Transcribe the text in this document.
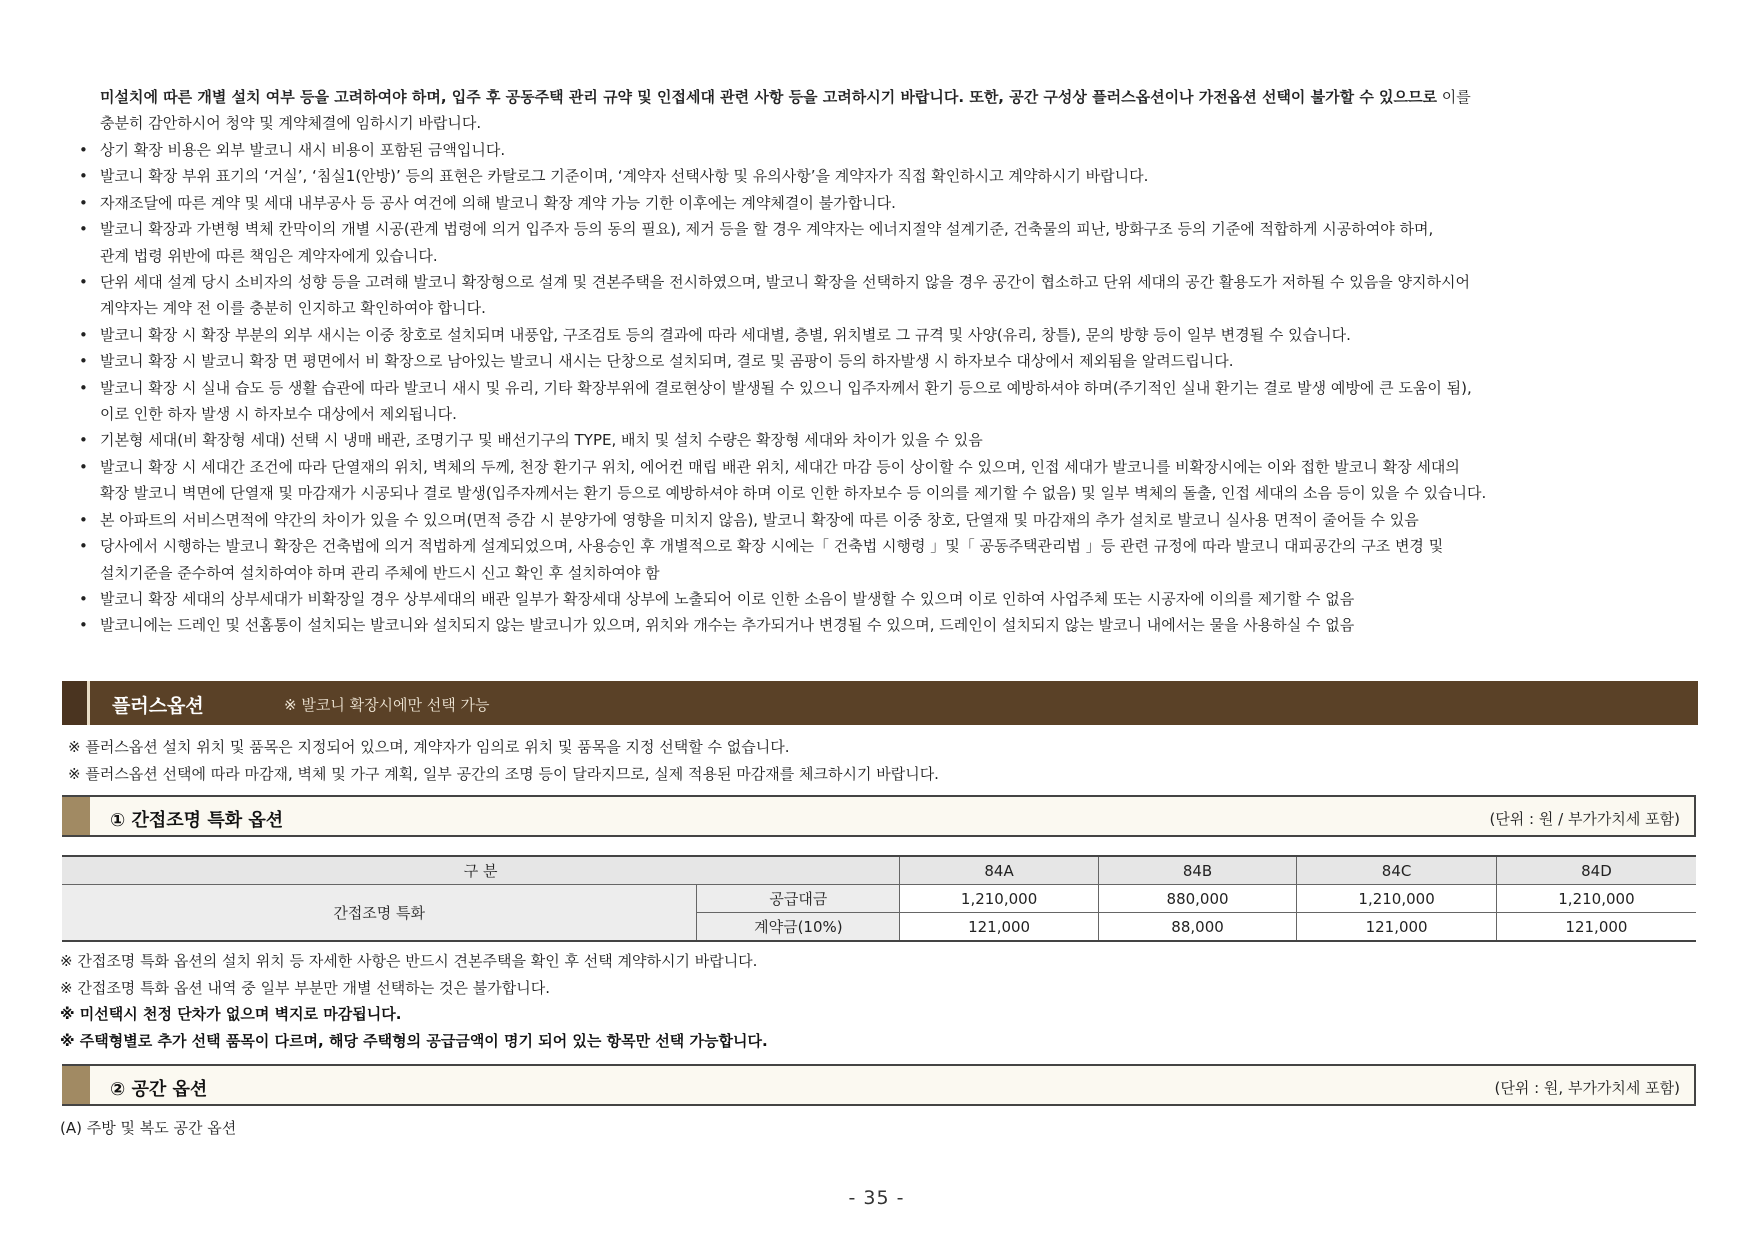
미설치에 따른 개별 설치 여부 등을 고려하여야 하며, 입주 후 공동주택 관리 규약 및 인접세대 관련 사항 등을 고려하시기 바랍니다. 또한, 공간 구성상 플러스옵션이나 가전옵션 선택이 불가할 수 있으므로 이를

충분히 감안하시어 청약 및 계약체결에 임하시기 바랍니다.

• 상기 확장 비용은 외부 발코니 새시 비용이 포함된 금액입니다.
• 발코니 확장 부위 표기의 ‘거실’, ‘침실1(안방)’ 등의 표현은 카탈로그 기준이며, ‘계약자 선택사항 및 유의사항’을 계약자가 직접 확인하시고 계약하시기 바랍니다.
• 자재조달에 따른 계약 및 세대 내부공사 등 공사 여건에 의해 발코니 확장 계약 가능 기한 이후에는 계약체결이 불가합니다.
• 발코니 확장과 가변형 벽체 칸막이의 개별 시공(관계 법령에 의거 입주자 등의 동의 필요), 제거 등을 할 경우 계약자는 에너지절약 설계기준, 건축물의 피난, 방화구조 등의 기준에 적합하게 시공하여야 하며,
관계 법령 위반에 따른 책임은 계약자에게 있습니다.
• 단위 세대 설계 당시 소비자의 성향 등을 고려해 발코니 확장형으로 설계 및 견본주택을 전시하였으며, 발코니 확장을 선택하지 않을 경우 공간이 협소하고 단위 세대의 공간 활용도가 저하될 수 있음을 양지하시어
계약자는 계약 전 이를 충분히 인지하고 확인하여야 합니다.
• 발코니 확장 시 확장 부분의 외부 새시는 이중 창호로 설치되며 내풍압, 구조검토 등의 결과에 따라 세대별, 층별, 위치별로 그 규격 및 사양(유리, 창틀), 문의 방향 등이 일부 변경될 수 있습니다.
• 발코니 확장 시 발코니 확장 면 평면에서 비 확장으로 남아있는 발코니 새시는 단창으로 설치되며, 결로 및 곰팡이 등의 하자발생 시 하자보수 대상에서 제외됨을 알려드립니다.
• 발코니 확장 시 실내 습도 등 생활 습관에 따라 발코니 새시 및 유리, 기타 확장부위에 결로현상이 발생될 수 있으니 입주자께서 환기 등으로 예방하셔야 하며(주기적인 실내 환기는 결로 발생 예방에 큰 도움이 됨),
이로 인한 하자 발생 시 하자보수 대상에서 제외됩니다.
• 기본형 세대(비 확장형 세대) 선택 시 냉매 배관, 조명기구 및 배선기구의 TYPE, 배치 및 설치 수량은 확장형 세대와 차이가 있을 수 있음
• 발코니 확장 시 세대간 조건에 따라 단열재의 위치, 벽체의 두께, 천장 환기구 위치, 에어컨 매립 배관 위치, 세대간 마감 등이 상이할 수 있으며, 인접 세대가 발코니를 비확장시에는 이와 접한 발코니 확장 세대의
확장 발코니 벽면에 단열재 및 마감재가 시공되나 결로 발생(입주자께서는 환기 등으로 예방하셔야 하며 이로 인한 하자보수 등 이의를 제기할 수 없음) 및 일부 벽체의 돌출, 인접 세대의 소음 등이 있을 수 있습니다.
• 본 아파트의 서비스면적에 약간의 차이가 있을 수 있으며(면적 증감 시 분양가에 영향을 미치지 않음), 발코니 확장에 따른 이중 창호, 단열재 및 마감재의 추가 설치로 발코니 실사용 면적이 줄어들 수 있음
• 당사에서 시행하는 발코니 확장은 건축법에 의거 적법하게 설계되었으며, 사용승인 후 개별적으로 확장 시에는「 건축법 시행령 」및「 공동주택관리법 」등 관련 규정에 따라 발코니 대피공간의 구조 변경 및
설치기준을 준수하여 설치하여야 하며 관리 주체에 반드시 신고 확인 후 설치하여야 함
• 발코니 확장 세대의 상부세대가 비확장일 경우 상부세대의 배관 일부가 확장세대 상부에 노출되어 이로 인한 소음이 발생할 수 있으며 이로 인하여 사업주체 또는 시공자에 이의를 제기할 수 없음
• 발코니에는 드레인 및 선홈통이 설치되는 발코니와 설치되지 않는 발코니가 있으며, 위치와 개수는 추가되거나 변경될 수 있으며, 드레인이 설치되지 않는 발코니 내에서는 물을 사용하실 수 없음
플러스옵션	※ 발코니 확장시에만 선택 가능

※ 플러스옵션 설치 위치 및 품목은 지정되어 있으며, 계약자가 임의로 위치 및 품목을 지정 선택할 수 없습니다.

※ 플러스옵션 선택에 따라 마감재, 벽체 및 가구 계획, 일부 공간의 조명 등이 달라지므로, 실제 적용된 마감재를 체크하시기 바랍니다.

① 간접조명 특화 옵션	(단위 : 원 / 부가가치세 포함)
구 분		84A	84B	84C	84D
간접조명 특화	공급대금	1,210,000	880,000	1,210,000	1,210,000
	계약금(10%)	121,000	88,000	121,000	121,000

※ 간접조명 특화 옵션의 설치 위치 등 자세한 사항은 반드시 견본주택을 확인 후 선택 계약하시기 바랍니다.

※ 간접조명 특화 옵션 내역 중 일부 부분만 개별 선택하는 것은 불가합니다.

※ 미선택시 천정 단차가 없으며 벽지로 마감됩니다.

※ 주택형별로 추가 선택 품목이 다르며, 해당 주택형의 공급금액이 명기 되어 있는 항목만 선택 가능합니다.

② 공간 옵션	(단위 : 원, 부가가치세 포함)
(A) 주방 및 복도 공간 옵션
- 35 -
